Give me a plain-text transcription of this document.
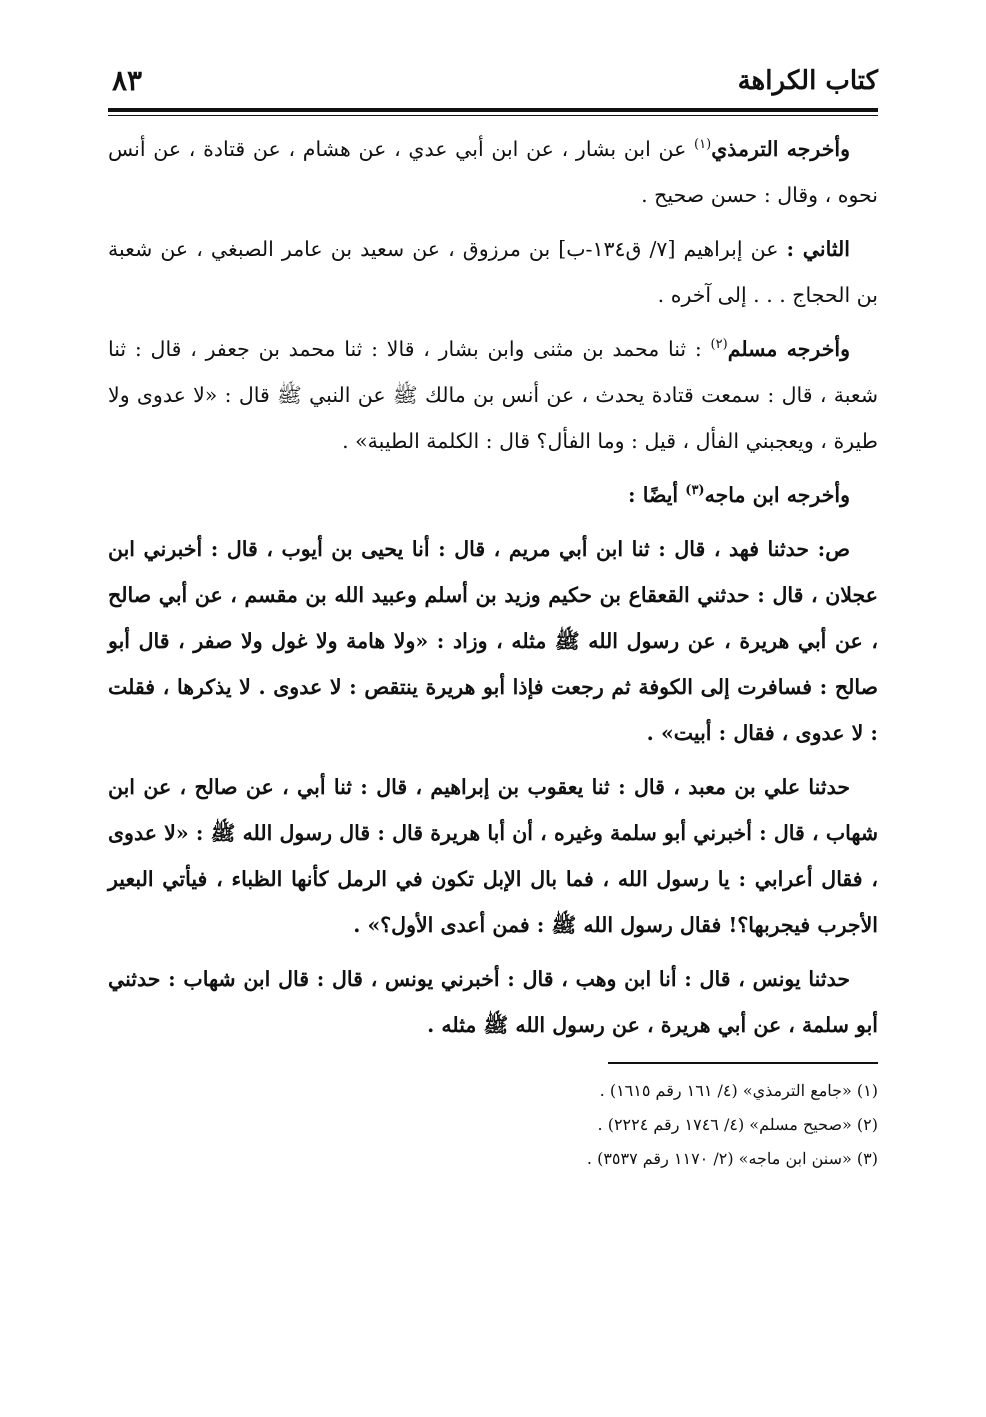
كتاب الكراهة
٨٣

وأخرجه الترمذي$^{(١)}$ عن ابن بشار ، عن ابن أبي عدي ، عن هشام ، عن قتادة ، عن أنس نحوه ، وقال : حسن صحيح .

الثاني : عن إبراهيم [٧/ ق١٣٤-ب] بن مرزوق ، عن سعيد بن عامر الصبغي ، عن شعبة بن الحجاج . . . إلى آخره .

وأخرجه مسلم$^{(٢)}$ : ثنا محمد بن مثنى وابن بشار ، قالا : ثنا محمد بن جعفر ، قال : ثنا شعبة ، قال : سمعت قتادة يحدث ، عن أنس بن مالك ﷺ عن النبي ﷺ قال : «لا عدوى ولا طيرة ، ويعجبني الفأل ، قيل : وما الفأل؟ قال : الكلمة الطيبة» .

وأخرجه ابن ماجه$^{(٣)}$ أيضًا :

ص: حدثنا فهد ، قال : ثنا ابن أبي مريم ، قال : أنا يحيى بن أيوب ، قال : أخبرني ابن عجلان ، قال : حدثني القعقاع بن حكيم وزيد بن أسلم وعبيد الله بن مقسم ، عن أبي صالح ، عن أبي هريرة ، عن رسول الله ﷺ مثله ، وزاد : «ولا هامة ولا غول ولا صفر ، قال أبو صالح : فسافرت إلى الكوفة ثم رجعت فإذا أبو هريرة ينتقص : لا عدوى . لا يذكرها ، فقلت : لا عدوى ، فقال : أبيت» .

حدثنا علي بن معبد ، قال : ثنا يعقوب بن إبراهيم ، قال : ثنا أبي ، عن صالح ، عن ابن شهاب ، قال : أخبرني أبو سلمة وغيره ، أن أبا هريرة قال : قال رسول الله ﷺ : «لا عدوى ، فقال أعرابي : يا رسول الله ، فما بال الإبل تكون في الرمل كأنها الظباء ، فيأتي البعير الأجرب فيجربها؟! فقال رسول الله ﷺ : فمن أعدى الأول؟» .

حدثنا يونس ، قال : أنا ابن وهب ، قال : أخبرني يونس ، قال : قال ابن شهاب : حدثني أبو سلمة ، عن أبي هريرة ، عن رسول الله ﷺ مثله .

(١) «جامع الترمذي» (٤/ ١٦١ رقم ١٦١٥) .

(٢) «صحيح مسلم» (٤/ ١٧٤٦ رقم ٢٢٢٤) .

(٣) «سنن ابن ماجه» (٢/ ١١٧٠ رقم ٣٥٣٧) .
